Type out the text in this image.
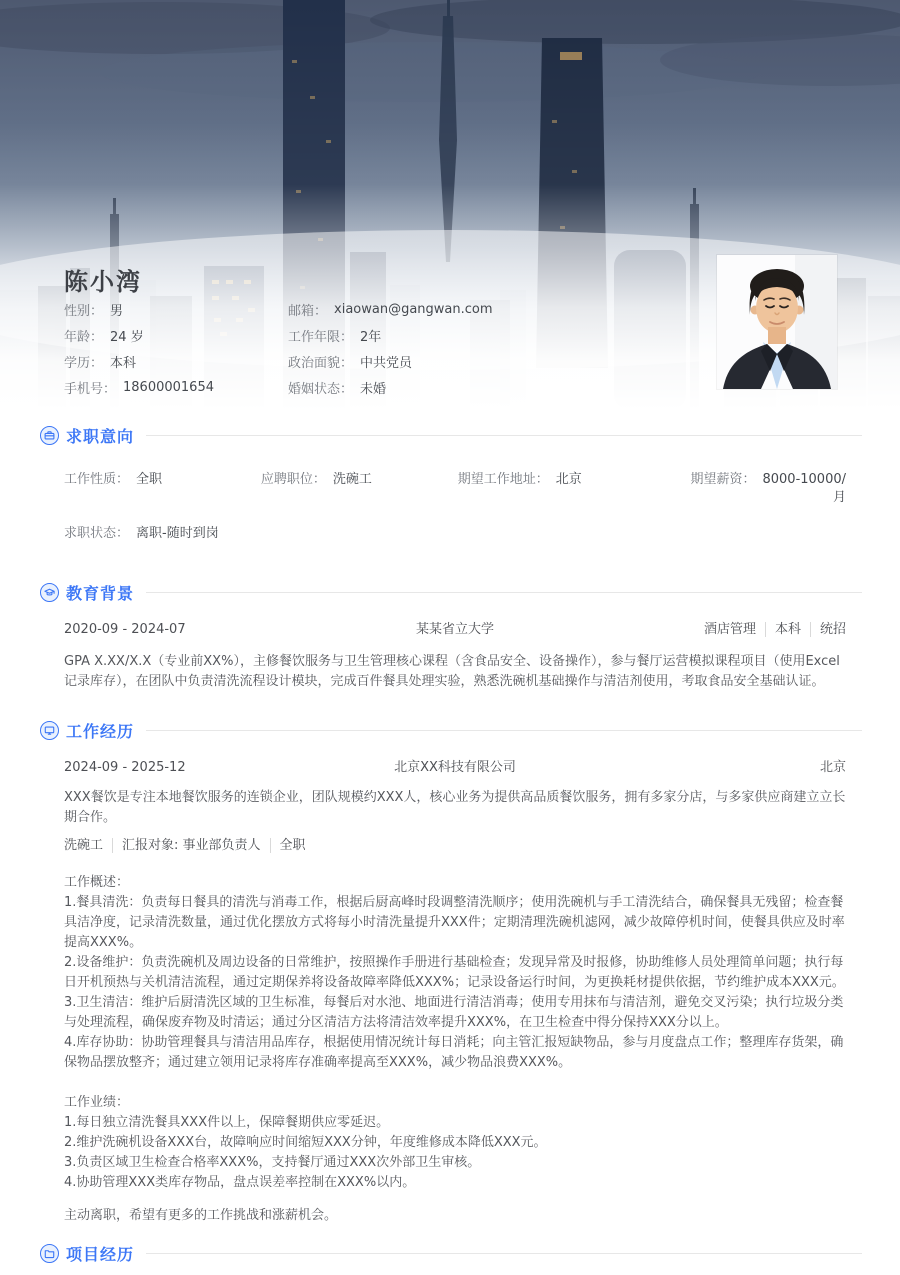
陈小湾
性别： 男
年龄： 24 岁
学历： 本科
手机号： 18600001654
邮箱： xiaowan@gangwan.com
工作年限： 2年
政治面貌： 中共党员
婚姻状态： 未婚
求职意向
工作性质： 全职	应聘职位： 洗碗工	期望工作地址： 北京	期望薪资： 8000-10000/月
求职状态： 离职-随时到岗
教育背景
2020-09 - 2024-07	某某省立大学	酒店管理 本科 统招
GPA X.XX/X.X（专业前XX%），主修餐饮服务与卫生管理核心课程（含食品安全、设备操作），参与餐厅运营模拟课程项目（使用Excel记录库存），在团队中负责清洗流程设计模块，完成百件餐具处理实验，熟悉洗碗机基础操作与清洁剂使用，考取食品安全基础认证。
工作经历
2024-09 - 2025-12	北京XX科技有限公司	北京
XXX餐饮是专注本地餐饮服务的连锁企业，团队规模约XXX人，核心业务为提供高品质餐饮服务，拥有多家分店，与多家供应商建立立长期合作。
洗碗工 汇报对象: 事业部负责人 全职
工作概述：
1.餐具清洗：负责每日餐具的清洗与消毒工作，根据后厨高峰时段调整清洗顺序；使用洗碗机与手工清洗结合，确保餐具无残留；检查餐具洁净度，记录清洗数量，通过优化摆放方式将每小时清洗量提升XXX件；定期清理洗碗机滤网，减少故障停机时间，使餐具供应及时率提高XXX%。
2.设备维护：负责洗碗机及周边设备的日常维护，按照操作手册进行基础检查；发现异常及时报修，协助维修人员处理简单问题；执行每日开机预热与关机清洁流程，通过定期保养将设备故障率降低XXX%；记录设备运行时间，为更换耗材提供依据，节约维护成本XXX元。
3.卫生清洁：维护后厨清洗区域的卫生标准，每餐后对水池、地面进行清洁消毒；使用专用抹布与清洁剂，避免交叉污染；执行垃圾分类与处理流程，确保废弃物及时清运；通过分区清洁方法将清洁效率提升XXX%，在卫生检查中得分保持XXX分以上。
4.库存协助：协助管理餐具与清洁用品库存，根据使用情况统计每日消耗；向主管汇报短缺物品，参与月度盘点工作；整理库存货架，确保物品摆放整齐；通过建立领用记录将库存准确率提高至XXX%，减少物品浪费XXX%。
工作业绩：
1.每日独立清洗餐具XXX件以上，保障餐期供应零延迟。
2.维护洗碗机设备XXX台，故障响应时间缩短XXX分钟，年度维修成本降低XXX元。
3.负责区域卫生检查合格率XXX%，支持餐厅通过XXX次外部卫生审核。
4.协助管理XXX类库存物品，盘点误差率控制在XXX%以内。
主动离职，希望有更多的工作挑战和涨薪机会。
项目经历
